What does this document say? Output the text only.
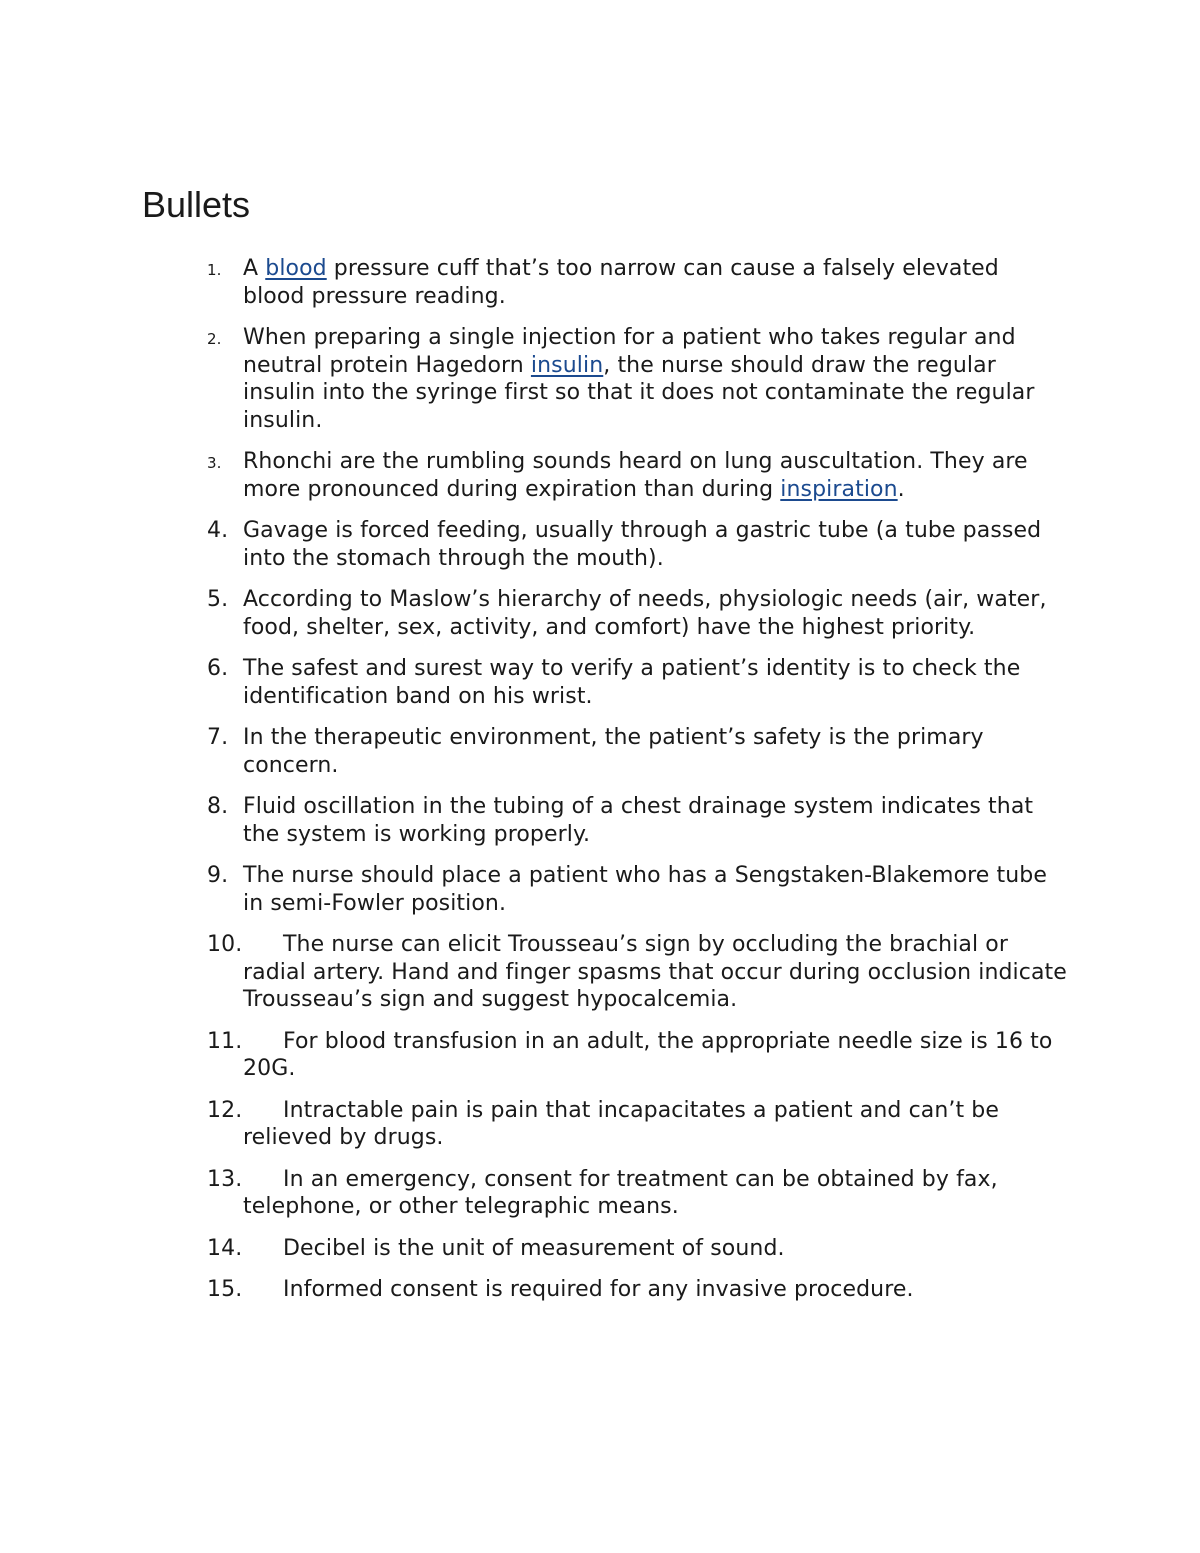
Bullets
1. A blood pressure cuff that’s too narrow can cause a falsely elevated blood pressure reading.
2. When preparing a single injection for a patient who takes regular and neutral protein Hagedorn insulin, the nurse should draw the regular insulin into the syringe first so that it does not contaminate the regular insulin.
3. Rhonchi are the rumbling sounds heard on lung auscultation. They are more pronounced during expiration than during inspiration.
4. Gavage is forced feeding, usually through a gastric tube (a tube passed into the stomach through the mouth).
5. According to Maslow’s hierarchy of needs, physiologic needs (air, water, food, shelter, sex, activity, and comfort) have the highest priority.
6. The safest and surest way to verify a patient’s identity is to check the identification band on his wrist.
7. In the therapeutic environment, the patient’s safety is the primary concern.
8. Fluid oscillation in the tubing of a chest drainage system indicates that the system is working properly.
9. The nurse should place a patient who has a Sengstaken-Blakemore tube in semi-Fowler position.
10. The nurse can elicit Trousseau’s sign by occluding the brachial or radial artery. Hand and finger spasms that occur during occlusion indicate Trousseau’s sign and suggest hypocalcemia.
11. For blood transfusion in an adult, the appropriate needle size is 16 to 20G.
12. Intractable pain is pain that incapacitates a patient and can’t be relieved by drugs.
13. In an emergency, consent for treatment can be obtained by fax, telephone, or other telegraphic means.
14. Decibel is the unit of measurement of sound.
15. Informed consent is required for any invasive procedure.
